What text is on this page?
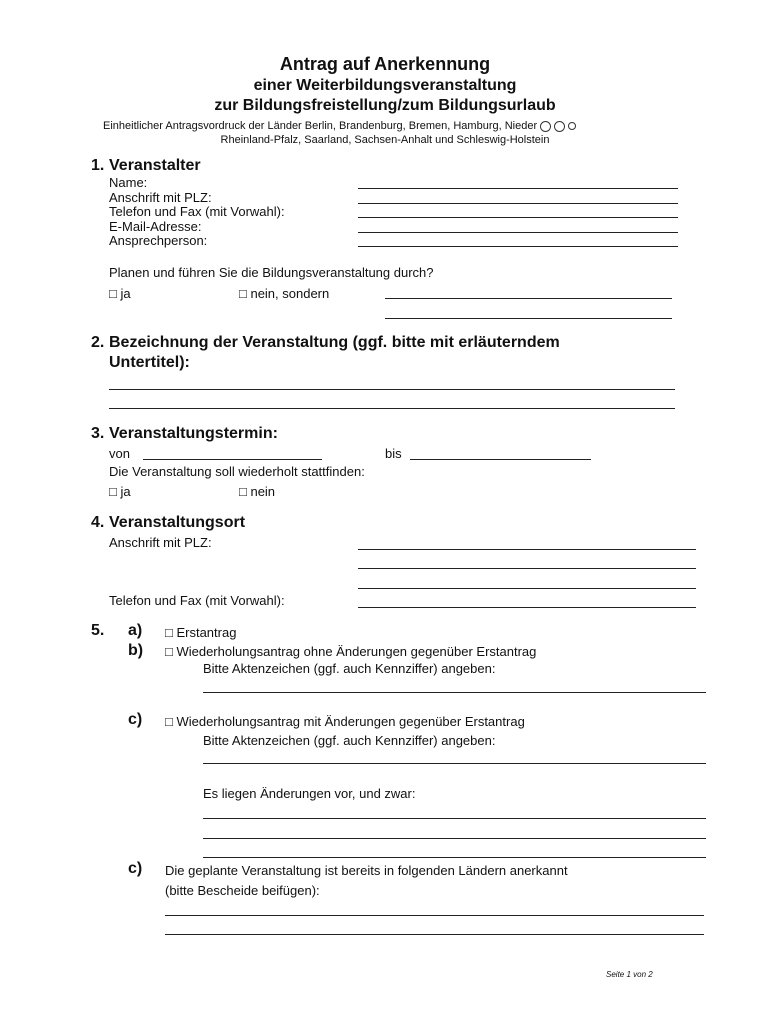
Antrag auf Anerkennung
einer Weiterbildungsveranstaltung
zur Bildungsfreistellung/zum Bildungsurlaub
Einheitlicher Antragsvordruck der Länder Berlin, Brandenburg, Bremen, Hamburg, Nieder
Rheinland-Pfalz, Saarland, Sachsen-Anhalt und Schleswig-Holstein
1. Veranstalter
Name:
Anschrift mit PLZ:
Telefon und Fax (mit Vorwahl):
E-Mail-Adresse:
Ansprechperson:
Planen und führen Sie die Bildungsveranstaltung durch?
□ ja	□ nein, sondern
2. Bezeichnung der Veranstaltung (ggf. bitte mit erläuterndem
Untertitel):
3. Veranstaltungstermin:
von	bis
Die Veranstaltung soll wiederholt stattfinden:
□ ja	□ nein
4. Veranstaltungsort
Anschrift mit PLZ:
Telefon und Fax (mit Vorwahl):
5. a) □ Erstantrag
b) □ Wiederholungsantrag ohne Änderungen gegenüber Erstantrag
Bitte Aktenzeichen (ggf. auch Kennziffer) angeben:
c) □ Wiederholungsantrag mit Änderungen gegenüber Erstantrag
Bitte Aktenzeichen (ggf. auch Kennziffer) angeben:
Es liegen Änderungen vor, und zwar:
c) Die geplante Veranstaltung ist bereits in folgenden Ländern anerkannt
(bitte Bescheide beifügen):
Seite 1 von 2
